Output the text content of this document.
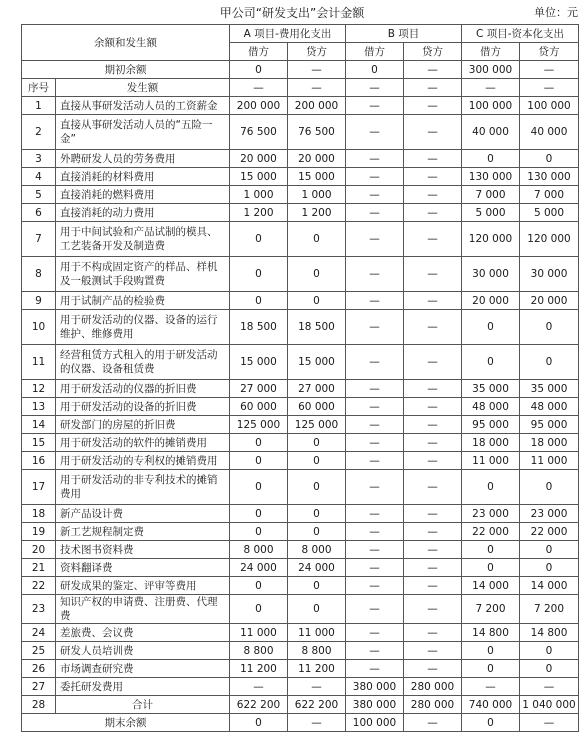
甲公司“研发支出”会计金额	单位：元
余额和发生额		A 项目-费用化支出		B 项目		C 项目-资本化支出	
		借方	贷方	借方	贷方	借方	贷方
期初余额		0	—	0	—	300 000	—
序号	发生额	—	—	—	—	—	—
1	直接从事研发活动人员的工资薪金	200 000	200 000	—	—	100 000	100 000
2	直接从事研发活动人员的“五险一金”	76 500	76 500	—	—	40 000	40 000
3	外聘研发人员的劳务费用	20 000	20 000	—	—	0	0
4	直接消耗的材料费用	15 000	15 000	—	—	130 000	130 000
5	直接消耗的燃料费用	1 000	1 000	—	—	7 000	7 000
6	直接消耗的动力费用	1 200	1 200	—	—	5 000	5 000
7	用于中间试验和产品试制的模具、工艺装备开发及制造费	0	0	—	—	120 000	120 000
8	用于不构成固定资产的样品、样机及一般测试手段购置费	0	0	—	—	30 000	30 000
9	用于试制产品的检验费	0	0	—	—	20 000	20 000
10	用于研发活动的仪器、设备的运行维护、维修费用	18 500	18 500	—	—	0	0
11	经营租赁方式租入的用于研发活动的仪器、设备租赁费	15 000	15 000	—	—	0	0
12	用于研发活动的仪器的折旧费	27 000	27 000	—	—	35 000	35 000
13	用于研发活动的设备的折旧费	60 000	60 000	—	—	48 000	48 000
14	研发部门的房屋的折旧费	125 000	125 000	—	—	95 000	95 000
15	用于研发活动的软件的摊销费用	0	0	—	—	18 000	18 000
16	用于研发活动的专利权的摊销费用	0	0	—	—	11 000	11 000
17	用于研发活动的非专利技术的摊销费用	0	0	—	—	0	0
18	新产品设计费	0	0	—	—	23 000	23 000
19	新工艺规程制定费	0	0	—	—	22 000	22 000
20	技术图书资料费	8 000	8 000	—	—	0	0
21	资料翻译费	24 000	24 000	—	—	0	0
22	研发成果的鉴定、评审等费用	0	0	—	—	14 000	14 000
23	知识产权的申请费、注册费、代理费	0	0	—	—	7 200	7 200
24	差旅费、会议费	11 000	11 000	—	—	14 800	14 800
25	研发人员培训费	8 800	8 800	—	—	0	0
26	市场调查研究费	11 200	11 200	—	—	0	0
27	委托研发费用	—	—	380 000	280 000	—	—
28	合计	622 200	622 200	380 000	280 000	740 000	1 040 000
期末余额		0	—	100 000	—	0	—
